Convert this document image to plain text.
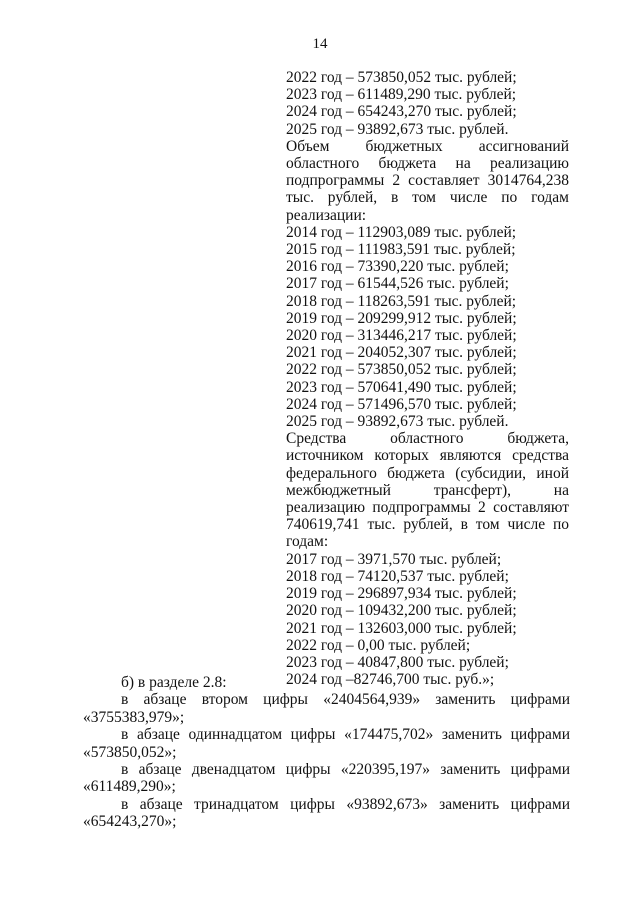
14
2022 год – 573850,052 тыс. рублей;
2023 год – 611489,290 тыс. рублей;
2024 год – 654243,270 тыс. рублей;
2025 год – 93892,673 тыс. рублей.
Объем бюджетных ассигнований областного бюджета на реализацию подпрограммы 2 составляет 3014764,238 тыс. рублей, в том числе по годам реализации:
2014 год – 112903,089 тыс. рублей;
2015 год – 111983,591 тыс. рублей;
2016 год – 73390,220 тыс. рублей;
2017 год – 61544,526 тыс. рублей;
2018 год – 118263,591 тыс. рублей;
2019 год – 209299,912 тыс. рублей;
2020 год – 313446,217 тыс. рублей;
2021 год – 204052,307 тыс. рублей;
2022 год – 573850,052 тыс. рублей;
2023 год – 570641,490 тыс. рублей;
2024 год – 571496,570 тыс. рублей;
2025 год – 93892,673 тыс. рублей.
Средства областного бюджета, источником которых являются средства федерального бюджета (субсидии, иной межбюджетный трансферт), на реализацию подпрограммы 2 составляют 740619,741 тыс. рублей, в том числе по годам:
2017 год – 3971,570 тыс. рублей;
2018 год – 74120,537 тыс. рублей;
2019 год – 296897,934 тыс. рублей;
2020 год – 109432,200 тыс. рублей;
2021 год – 132603,000 тыс. рублей;
2022 год – 0,00 тыс. рублей;
2023 год – 40847,800 тыс. рублей;
2024 год –82746,700 тыс. руб.»;
б) в разделе 2.8:
в абзаце втором цифры «2404564,939» заменить цифрами «3755383,979»;
в абзаце одиннадцатом цифры «174475,702» заменить цифрами «573850,052»;
в абзаце двенадцатом цифры «220395,197» заменить цифрами «611489,290»;
в абзаце тринадцатом цифры «93892,673» заменить цифрами «654243,270»;
